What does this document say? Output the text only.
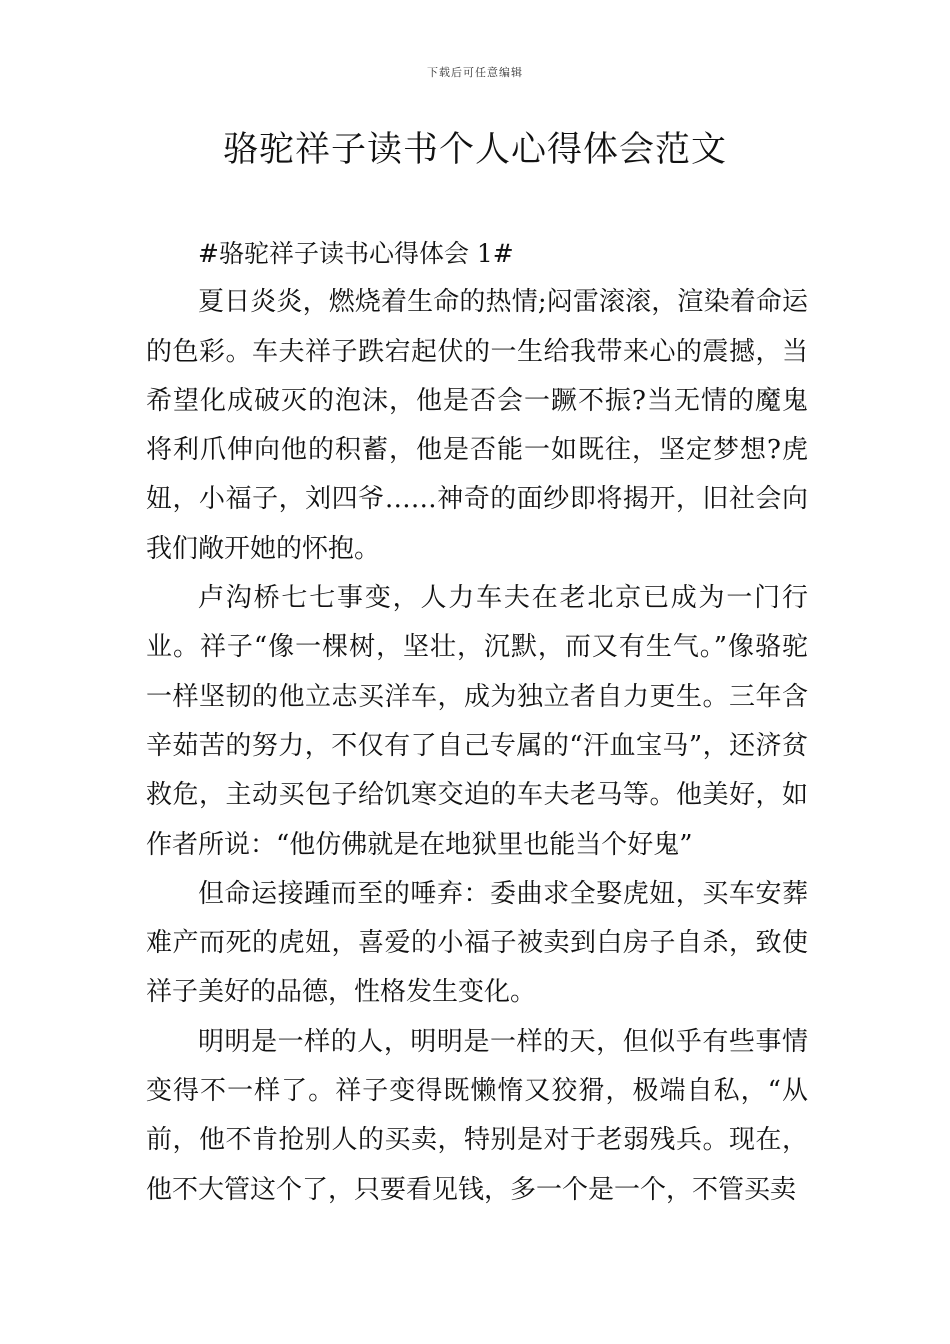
下载后可任意编辑
骆驼祥子读书个人心得体会范文
#骆驼祥子读书心得体会 1#

夏日炎炎，燃烧着生命的热情;闷雷滚滚，渲染着命运的色彩。车夫祥子跌宕起伏的一生给我带来心的震撼，当希望化成破灭的泡沫，他是否会一蹶不振?当无情的魔鬼将利爪伸向他的积蓄，他是否能一如既往，坚定梦想?虎妞，小福子，刘四爷……神奇的面纱即将揭开，旧社会向我们敞开她的怀抱。

卢沟桥七七事变，人力车夫在老北京已成为一门行业。祥子“像一棵树，坚壮，沉默，而又有生气。”像骆驼一样坚韧的他立志买洋车，成为独立者自力更生。三年含辛茹苦的努力，不仅有了自己专属的“汗血宝马”，还济贫救危，主动买包子给饥寒交迫的车夫老马等。他美好，如作者所说：“他仿佛就是在地狱里也能当个好鬼”

但命运接踵而至的唾弃：委曲求全娶虎妞，买车安葬难产而死的虎妞，喜爱的小福子被卖到白房子自杀，致使祥子美好的品德，性格发生变化。

明明是一样的人，明明是一样的天，但似乎有些事情变得不一样了。祥子变得既懒惰又狡猾，极端自私，“从前，他不肯抢别人的买卖，特别是对于老弱残兵。现在，他不大管这个了，只要看见钱，多一个是一个，不管买卖
